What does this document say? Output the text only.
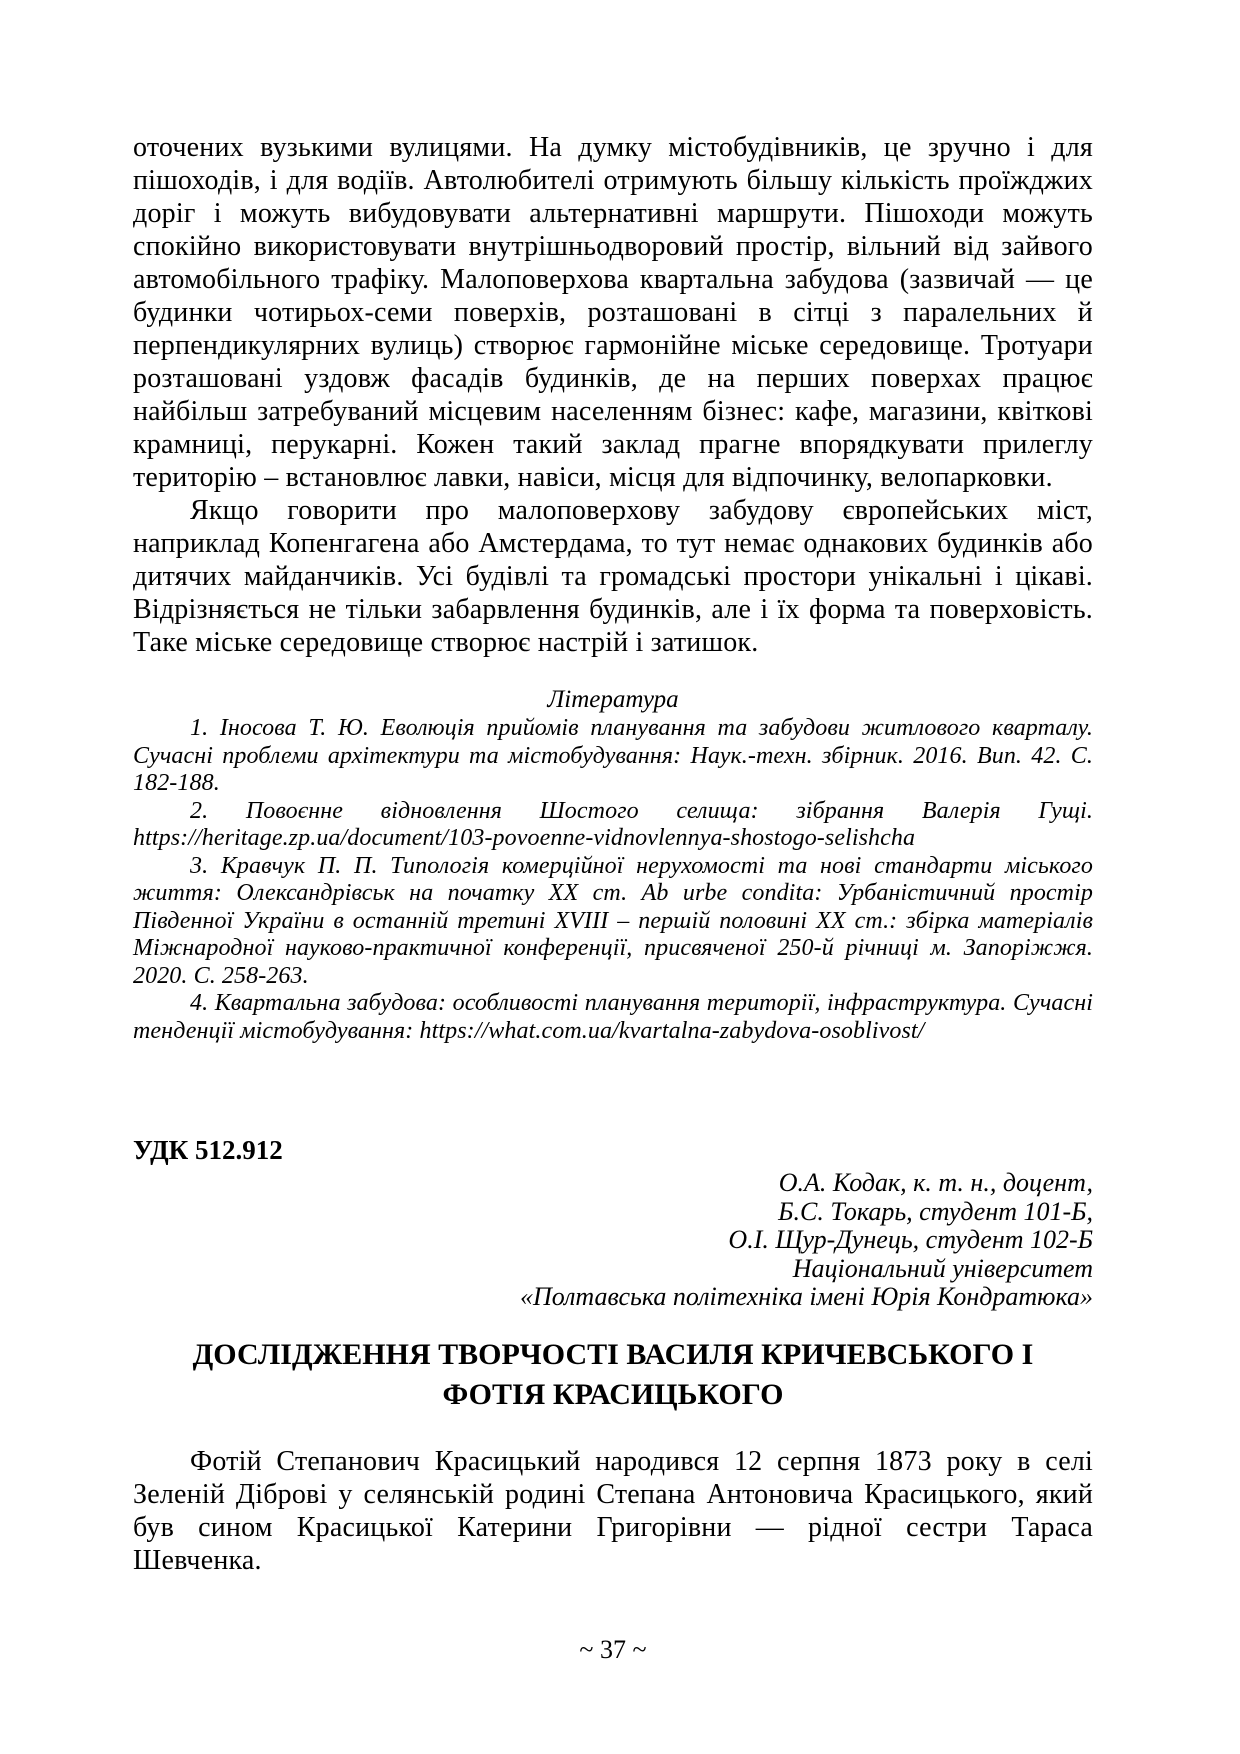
оточених вузькими вулицями. На думку містобудівників, це зручно і для пішоходів, і для водіїв. Автолюбителі отримують більшу кількість проїжджих доріг і можуть вибудовувати альтернативні маршрути. Пішоходи можуть спокійно використовувати внутрішньодворовий простір, вільний від зайвого автомобільного трафіку. Малоповерхова квартальна забудова (зазвичай — це будинки чотирьох-семи поверхів, розташовані в сітці з паралельних й перпендикулярних вулиць) створює гармонійне міське середовище. Тротуари розташовані уздовж фасадів будинків, де на перших поверхах працює найбільш затребуваний місцевим населенням бізнес: кафе, магазини, квіткові крамниці, перукарні. Кожен такий заклад прагне впорядкувати прилеглу територію – встановлює лавки, навіси, місця для відпочинку, велопарковки.

Якщо говорити про малоповерхову забудову європейських міст, наприклад Копенгагена або Амстердама, то тут немає однакових будинків або дитячих майданчиків. Усі будівлі та громадські простори унікальні і цікаві. Відрізняється не тільки забарвлення будинків, але і їх форма та поверховість. Таке міське середовище створює настрій і затишок.

Література

1. Іносова Т. Ю. Еволюція прийомів планування та забудови житлового кварталу. Сучасні проблеми архітектури та містобудування: Наук.-техн. збірник. 2016. Вип. 42. С. 182-188.

2. Повоєнне відновлення Шостого селища: зібрання Валерія Гущі. https://heritage.zp.ua/document/103-povoenne-vidnovlennya-shostogo-selishcha

3. Кравчук П. П. Типологія комерційної нерухомості та нові стандарти міського життя: Олександрівськ на початку XX ст. Ab urbe condita: Урбаністичний простір Південної України в останній третині XVIII – першій половині XX ст.: збірка матеріалів Міжнародної науково-практичної конференції, присвяченої 250-й річниці м. Запоріжжя. 2020. С. 258-263.

4. Квартальна забудова: особливості планування території, інфраструктура. Сучасні тенденції містобудування: https://what.com.ua/kvartalna-zabydova-osoblivost/

УДК 512.912

О.А. Кодак, к. т. н., доцент,
Б.С. Токарь, студент 101-Б,
О.І. Щур-Дунець, студент 102-Б
Національний університет
«Полтавська політехніка імені Юрія Кондратюка»
ДОСЛІДЖЕННЯ ТВОРЧОСТІ ВАСИЛЯ КРИЧЕВСЬКОГО І
ФОТІЯ КРАСИЦЬКОГО

Фотій Степанович Красицький народився 12 серпня 1873 року в селі Зеленій Діброві у селянській родині Степана Антоновича Красицького, який був сином Красицької Катерини Григорівни — рідної сестри Тараса Шевченка.

~ 37 ~
